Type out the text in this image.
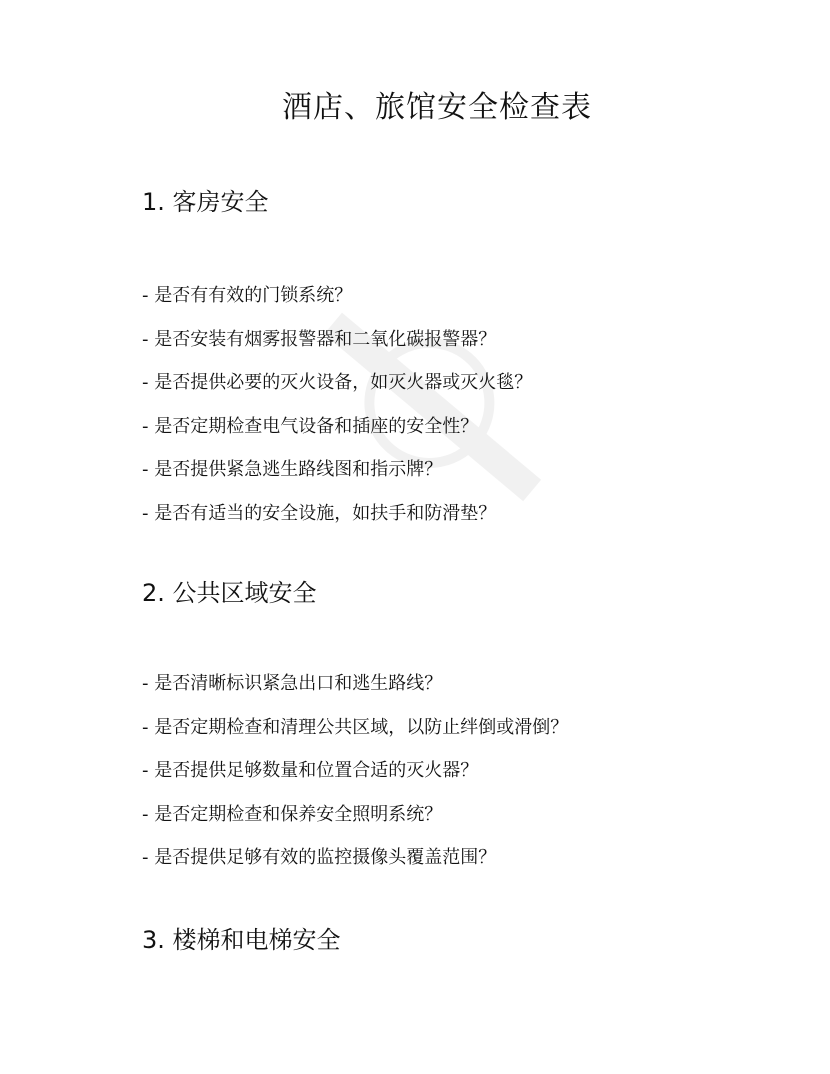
酒店、旅馆安全检查表
1. 客房安全
- 是否有有效的门锁系统？
- 是否安装有烟雾报警器和二氧化碳报警器？
- 是否提供必要的灭火设备，如灭火器或灭火毯？
- 是否定期检查电气设备和插座的安全性？
- 是否提供紧急逃生路线图和指示牌？
- 是否有适当的安全设施，如扶手和防滑垫？
2. 公共区域安全
- 是否清晰标识紧急出口和逃生路线？
- 是否定期检查和清理公共区域，以防止绊倒或滑倒？
- 是否提供足够数量和位置合适的灭火器？
- 是否定期检查和保养安全照明系统？
- 是否提供足够有效的监控摄像头覆盖范围？
3. 楼梯和电梯安全
